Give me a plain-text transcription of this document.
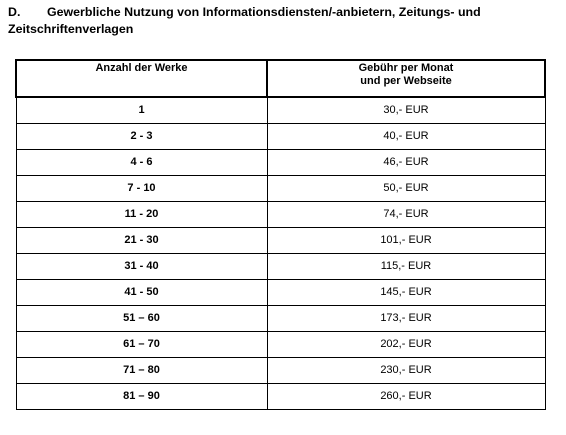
D. Gewerbliche Nutzung von Informationsdiensten/-anbietern, Zeitungs- und Zeitschriftenverlagen
Anzahl der Werke	Gebühr per Monat
und per Webseite
1	30,- EUR
2 - 3	40,- EUR
4 - 6	46,- EUR
7 - 10	50,- EUR
11 - 20	74,- EUR
21 - 30	101,- EUR
31 - 40	115,- EUR
41 - 50	145,- EUR
51 – 60	173,- EUR
61 – 70	202,- EUR
71 – 80	230,- EUR
81 – 90	260,- EUR
